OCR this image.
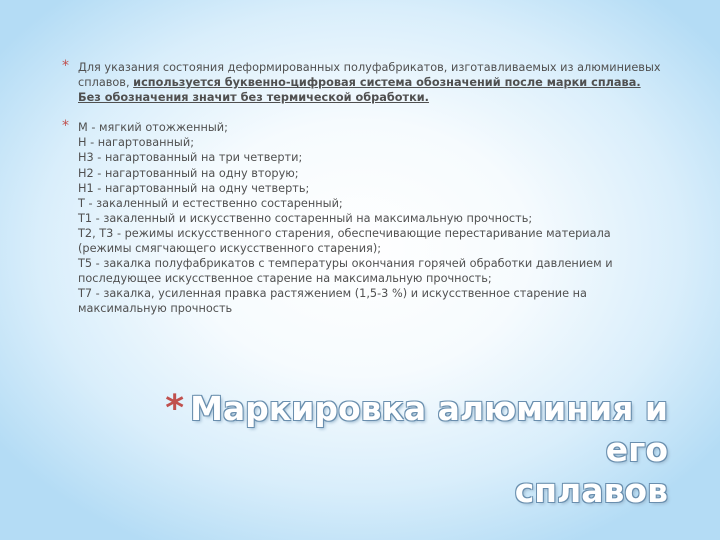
* Для указания состояния деформированных полуфабрикатов, изготавливаемых из алюминиевых сплавов, используется буквенно-цифровая система обозначений после марки сплава. Без обозначения значит без термической обработки.
* М - мягкий отожженный;
Н - нагартованный;
Н3 - нагартованный на три четверти;
Н2 - нагартованный на одну вторую;
Н1 - нагартованный на одну четверть;
Т - закаленный и естественно состаренный;
Т1 - закаленный и искусственно состаренный на максимальную прочность;
Т2, Т3 - режимы искусственного старения, обеспечивающие перестаривание материала (режимы смягчающего искусственного старения);
Т5 - закалка полуфабрикатов с температуры окончания горячей обработки давлением и последующее искусственное старение на максимальную прочность;
Т7 - закалка, усиленная правка растяжением (1,5-3 %) и искусственное старение на максимальную прочность
* Маркировка алюминия и его
сплавов
